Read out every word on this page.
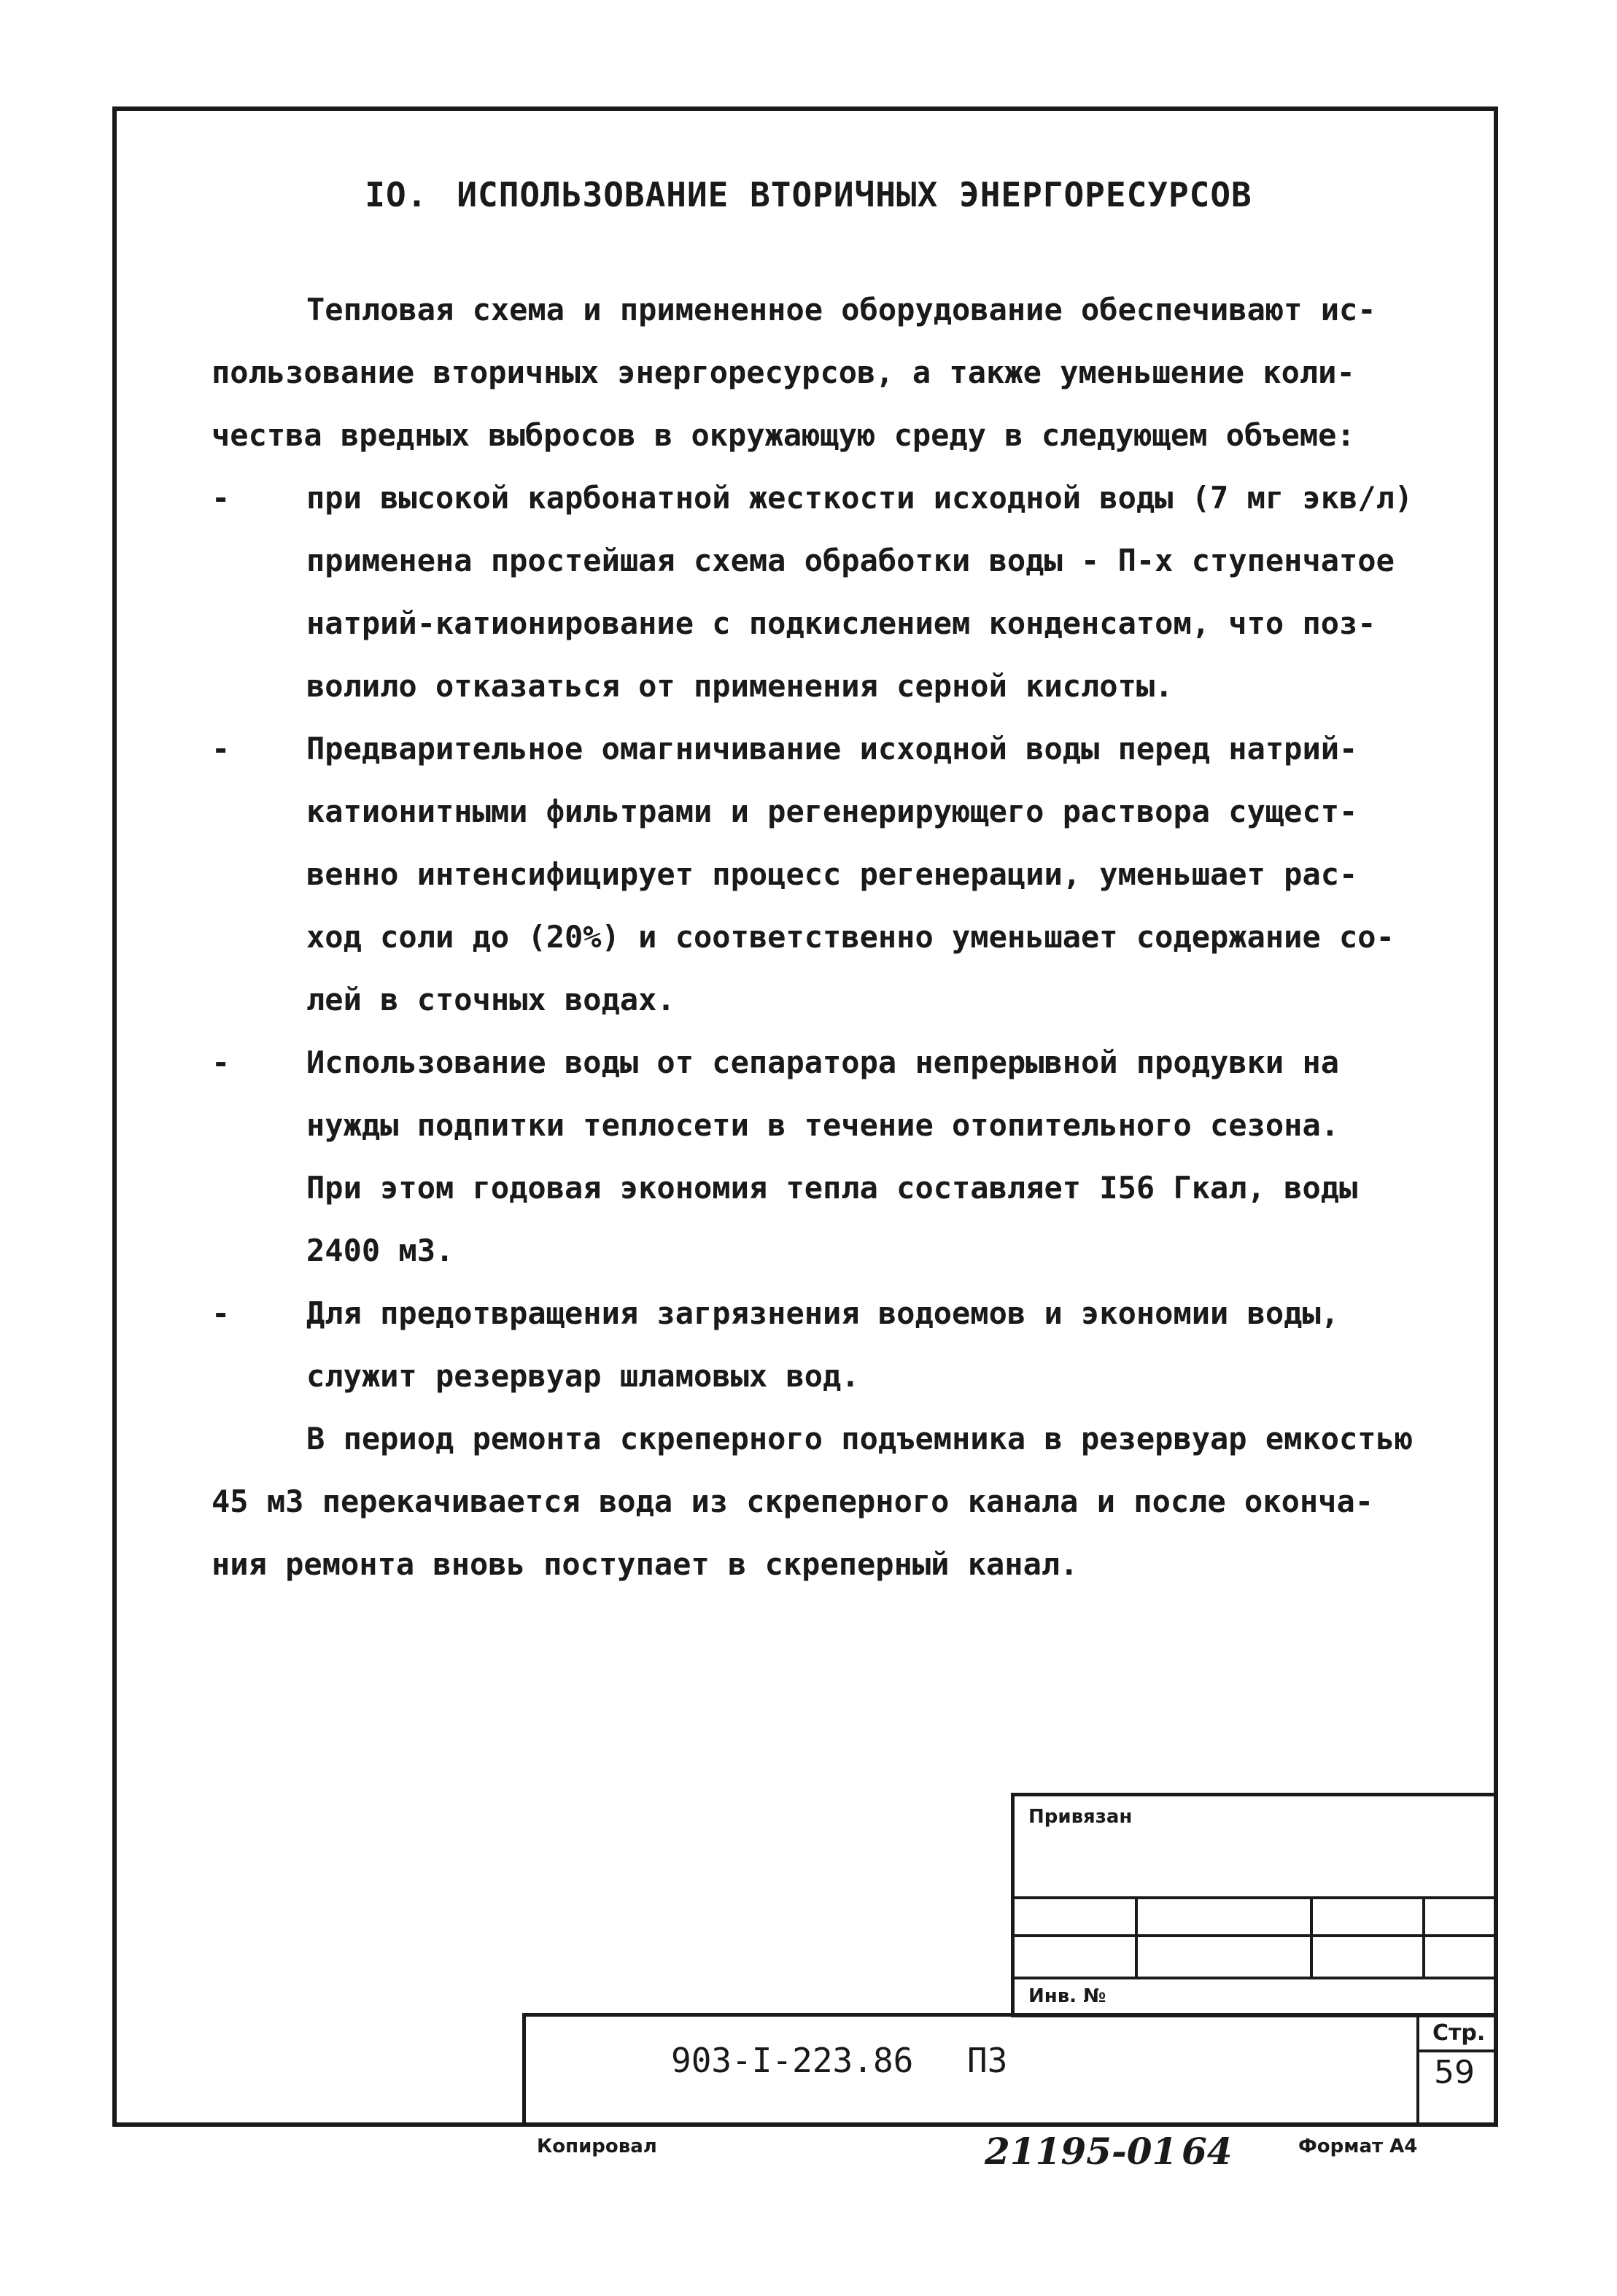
IO. ИСПОЛЬЗОВАНИЕ ВТОРИЧНЫХ ЭНЕРГОРЕСУРСОВ
Тепловая схема и примененное оборудование обеспечивают ис-
пользование вторичных энергоресурсов, а также уменьшение коли-
чества вредных выбросов в окружающую среду в следующем объеме:
- при высокой карбонатной жесткости исходной воды (7 мг экв/л)
применена простейшая схема обработки воды - П-х ступенчатое
натрий-катионирование с подкислением конденсатом, что поз-
волило отказаться от применения серной кислоты.
- Предварительное омагничивание исходной воды перед натрий-
катионитными фильтрами и регенерирующего раствора сущест-
венно интенсифицирует процесс регенерации, уменьшает рас-
ход соли до (20%) и соответственно уменьшает содержание со-
лей в сточных водах.
- Использование воды от сепаратора непрерывной продувки на
нужды подпитки теплосети в течение отопительного сезона.
При этом годовая экономия тепла составляет I56 Гкал, воды
2400 м3.
- Для предотвращения загрязнения водоемов и экономии воды,
служит резервуар шламовых вод.
В период ремонта скреперного подъемника в резервуар емкостью
45 м3 перекачивается вода из скреперного канала и после оконча-
ния ремонта вновь поступает в скреперный канал.
Привязан
Инв. №
903-I-223.86 ПЗ
Стр.
59
Копировал	21195-01 64	Формат А4
